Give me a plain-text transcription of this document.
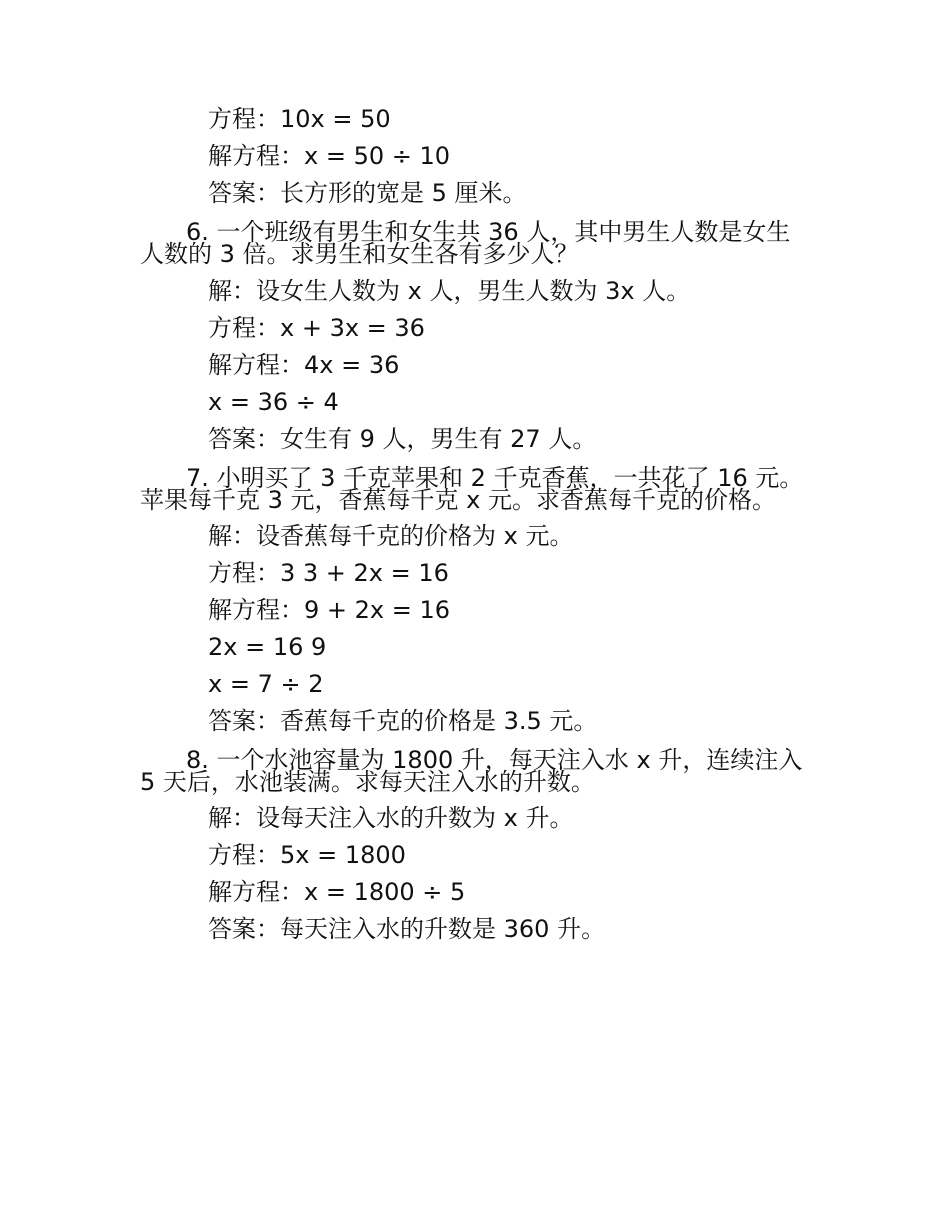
方程：10x = 50
解方程：x = 50 ÷ 10
答案：长方形的宽是 5 厘米。
6. 一个班级有男生和女生共 36 人，其中男生人数是女生
人数的 3 倍。求男生和女生各有多少人？
解：设女生人数为 x 人，男生人数为 3x 人。
方程：x + 3x = 36
解方程：4x = 36
x = 36 ÷ 4
答案：女生有 9 人，男生有 27 人。
7. 小明买了 3 千克苹果和 2 千克香蕉，一共花了 16 元。
苹果每千克 3 元，香蕉每千克 x 元。求香蕉每千克的价格。
解：设香蕉每千克的价格为 x 元。
方程：3 3 + 2x = 16
解方程：9 + 2x = 16
2x = 16 9
x = 7 ÷ 2
答案：香蕉每千克的价格是 3.5 元。
8. 一个水池容量为 1800 升，每天注入水 x 升，连续注入
5 天后，水池装满。求每天注入水的升数。
解：设每天注入水的升数为 x 升。
方程：5x = 1800
解方程：x = 1800 ÷ 5
答案：每天注入水的升数是 360 升。
